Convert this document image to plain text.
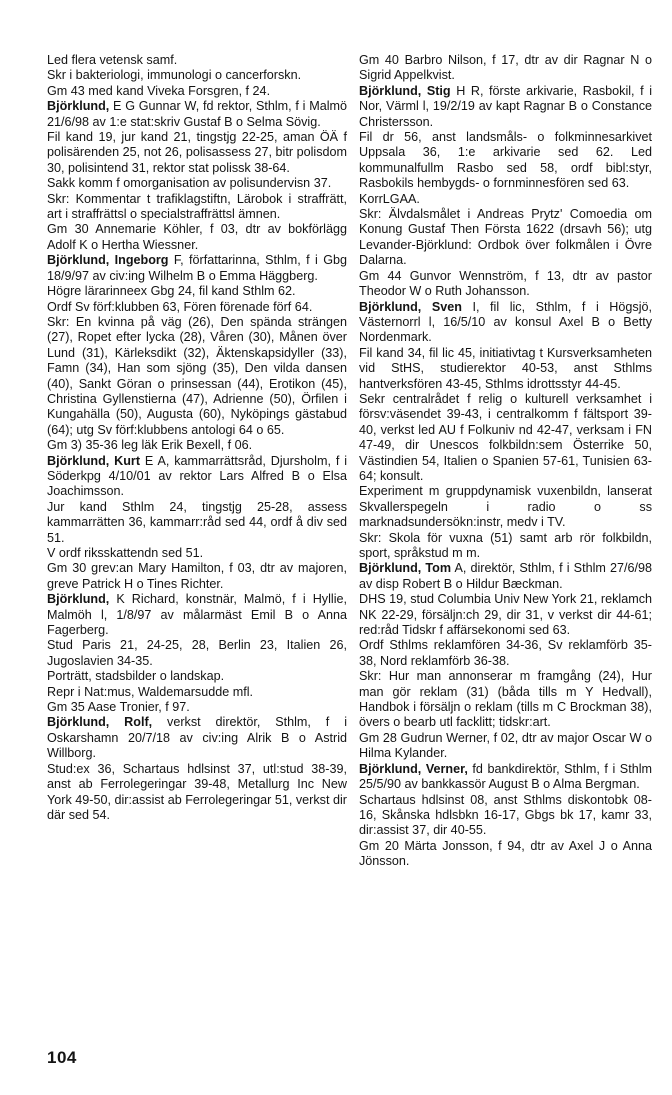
Led flera vetensk samf.

Skr i bakteriologi, immunologi o cancerforskn.

Gm 43 med kand Viveka Forsgren, f 24.

Björklund, E G Gunnar W, fd rektor, Sthlm, f i Malmö 21/6/98 av 1:e stat:skriv Gustaf B o Selma Sövig.

Fil kand 19, jur kand 21, tingstjg 22-25, aman ÖÄ f polisärenden 25, not 26, polisassess 27, bitr polisdom 30, polisintend 31, rektor stat polissk 38-64.

Sakk komm f omorganisation av polisundervisn 37.

Skr: Kommentar t trafiklagstiftn, Lärobok i straffrätt, art i straffrättsl o specialstraffrättsl ämnen.

Gm 30 Annemarie Köhler, f 03, dtr av bokförlägg Adolf K o Hertha Wiessner.

Björklund, Ingeborg F, författarinna, Sthlm, f i Gbg 18/9/97 av civ:ing Wilhelm B o Emma Häggberg.

Högre lärarinneex Gbg 24, fil kand Sthlm 62.

Ordf Sv förf:klubben 63, Fören förenade förf 64.

Skr: En kvinna på väg (26), Den spända strängen (27), Ropet efter lycka (28), Våren (30), Månen över Lund (31), Kärleksdikt (32), Äktenskapsidyller (33), Famn (34), Han som sjöng (35), Den vilda dansen (40), Sankt Göran o prinsessan (44), Erotikon (45), Christina Gyllenstierna (47), Adrienne (50), Örfilen i Kungahälla (50), Augusta (60), Nyköpings gästabud (64); utg Sv förf:klubbens antologi 64 o 65.

Gm 3) 35-36 leg läk Erik Bexell, f 06.

Björklund, Kurt E A, kammarrättsråd, Djursholm, f i Söderkpg 4/10/01 av rektor Lars Alfred B o Elsa Joachimsson.

Jur kand Sthlm 24, tingstjg 25-28, assess kammarrätten 36, kammarr:råd sed 44, ordf å div sed 51.

V ordf riksskattendn sed 51.

Gm 30 grev:an Mary Hamilton, f 03, dtr av majoren, greve Patrick H o Tines Richter.

Björklund, K Richard, konstnär, Malmö, f i Hyllie, Malmöh l, 1/8/97 av målarmäst Emil B o Anna Fagerberg.

Stud Paris 21, 24-25, 28, Berlin 23, Italien 26, Jugoslavien 34-35.

Porträtt, stadsbilder o landskap.

Repr i Nat:mus, Waldemarsudde mfl.

Gm 35 Aase Tronier, f 97.

Björklund, Rolf, verkst direktör, Sthlm, f i Oskarshamn 20/7/18 av civ:ing Alrik B o Astrid Willborg.

Stud:ex 36, Schartaus hdlsinst 37, utl:stud 38-39, anst ab Ferrolegeringar 39-48, Metallurg Inc New York 49-50, dir:assist ab Ferrolegeringar 51, verkst dir där sed 54.

Gm 40 Barbro Nilson, f 17, dtr av dir Ragnar N o Sigrid Appelkvist.

Björklund, Stig H R, förste arkivarie, Rasbokil, f i Nor, Värml l, 19/2/19 av kapt Ragnar B o Constance Christersson.

Fil dr 56, anst landsmåls- o folkminnesarkivet Uppsala 36, 1:e arkivarie sed 62. Led kommunalfullm Rasbo sed 58, ordf bibl:styr, Rasbokils hembygds- o fornminnesfören sed 63.

KorrLGAA.

Skr: Älvdalsmålet i Andreas Prytz' Comoedia om Konung Gustaf Then Första 1622 (drsavh 56); utg Levander-Björklund: Ordbok över folkmålen i Övre Dalarna.

Gm 44 Gunvor Wennström, f 13, dtr av pastor Theodor W o Ruth Johansson.

Björklund, Sven I, fil lic, Sthlm, f i Högsjö, Västernorrl l, 16/5/10 av konsul Axel B o Betty Nordenmark.

Fil kand 34, fil lic 45, initiativtag t Kursverksamheten vid StHS, studierektor 40-53, anst Sthlms hantverksfören 43-45, Sthlms idrottsstyr 44-45.

Sekr centralrådet f relig o kulturell verksamhet i försv:väsendet 39-43, i centralkomm f fältsport 39-40, verkst led AU f Folkuniv nd 42-47, verksam i FN 47-49, dir Unescos folkbildn:sem Österrike 50, Västindien 54, Italien o Spanien 57-61, Tunisien 63-64; konsult.

Experiment m gruppdynamisk vuxenbildn, lanserat Skvallerspegeln i radio o ss marknadsundersökn:instr, medv i TV.

Skr: Skola för vuxna (51) samt arb rör folkbildn, sport, språkstud m m.

Björklund, Tom A, direktör, Sthlm, f i Sthlm 27/6/98 av disp Robert B o Hildur Bæckman.

DHS 19, stud Columbia Univ New York 21, reklamch NK 22-29, försäljn:ch 29, dir 31, v verkst dir 44-61; red:råd Tidskr f affärsekonomi sed 63.

Ordf Sthlms reklamfören 34-36, Sv reklamförb 35-38, Nord reklamförb 36-38.

Skr: Hur man annonserar m framgång (24), Hur man gör reklam (31) (båda tills m Y Hedvall), Handbok i försäljn o reklam (tills m C Brockman 38), övers o bearb utl facklitt; tidskr:art.

Gm 28 Gudrun Werner, f 02, dtr av major Oscar W o Hilma Kylander.

Björklund, Verner, fd bankdirektör, Sthlm, f i Sthlm 25/5/90 av bankkassör August B o Alma Bergman.

Schartaus hdlsinst 08, anst Sthlms diskontobk 08-16, Skånska hdlsbkn 16-17, Gbgs bk 17, kamr 33, dir:assist 37, dir 40-55.

Gm 20 Märta Jonsson, f 94, dtr av Axel J o Anna Jönsson.

104
